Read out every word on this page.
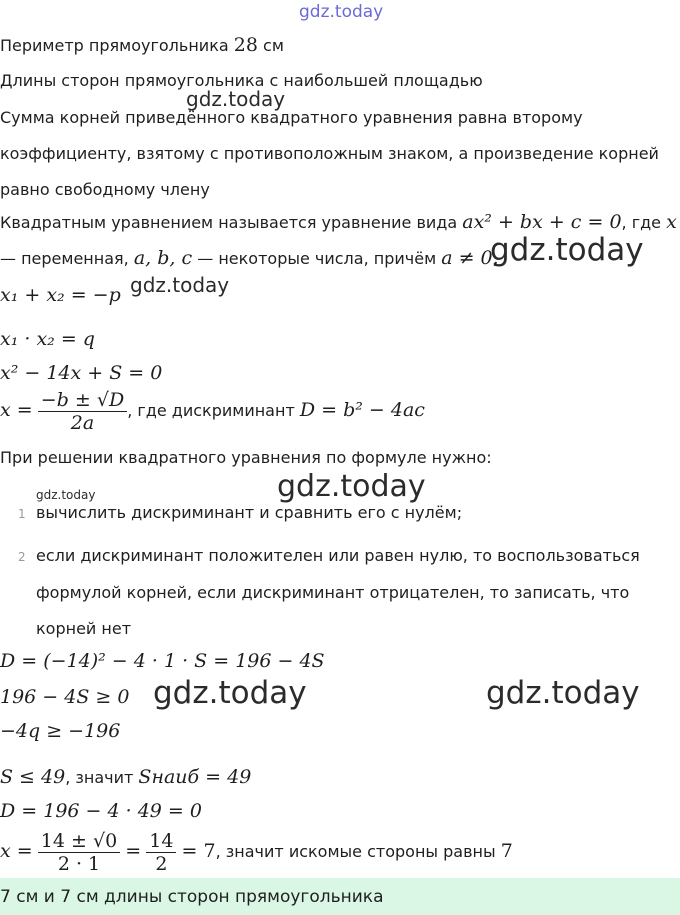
gdz.today
Периметр прямоугольника 28 см
Длины сторон прямоугольника с наибольшей площадью
gdz.today
Сумма корней приведённого квадратного уравнения равна второму
коэффициенту, взятому с противоположным знаком, а произведение корней
равно свободному члену
Квадратным уравнением называется уравнение вида ax² + bx + c = 0, где x
— переменная, a, b, c — некоторые числа, причём a ≠ 0.
gdz.today
x₁ + x₂ = −p gdz.today
x₁ · x₂ = q
x² − 14x + S = 0
$x = \frac{-b \pm √D}{2a}$ , где дискриминант D = b² − 4ac
При решении квадратного уравнения по формуле нужно:
gdz.today	gdz.today
1 вычислить дискриминант и сравнить его с нулём;
2 если дискриминант положителен или равен нулю, то воспользоваться
формулой корней, если дискриминант отрицателен, то записать, что
корней нет
D = (−14)² − 4 · 1 · S = 196 − 4S
196 − 4S ≥ 0 gdz.today	gdz.today
−4q ≥ −196
S ≤ 49, значит Sнаиб = 49
D = 196 − 4 · 49 = 0
$x = \frac{14 \pm √0}{2 \cdot 1} = \frac{14}{2} = 7$, значит искомые стороны равны 7
7 см и 7 см длины сторон прямоугольника
